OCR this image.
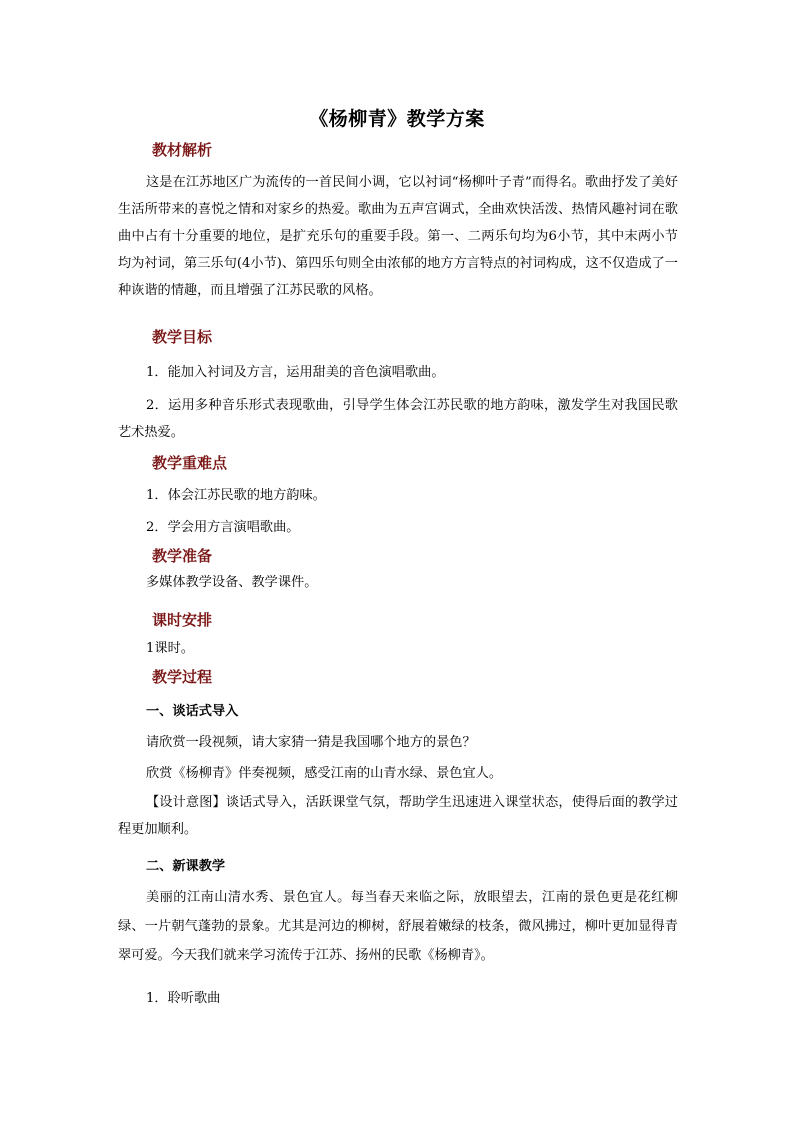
《杨柳青》教学方案
教材解析

这是在江苏地区广为流传的一首民间小调，它以衬词“杨柳叶子青”而得名。歌曲抒发了美好生活所带来的喜悦之情和对家乡的热爱。歌曲为五声宫调式，全曲欢快活泼、热情风趣衬词在歌曲中占有十分重要的地位，是扩充乐句的重要手段。第一、二两乐句均为6小节，其中末两小节均为衬词，第三乐句(4小节)、第四乐句则全由浓郁的地方方言特点的衬词构成，这不仅造成了一种诙谐的情趣，而且增强了江苏民歌的风格。

教学目标
1．能加入衬词及方言，运用甜美的音色演唱歌曲。

2．运用多种音乐形式表现歌曲，引导学生体会江苏民歌的地方韵味，激发学生对我国民歌艺术热爱。

教学重难点
1．体会江苏民歌的地方韵味。
2．学会用方言演唱歌曲。
教学准备
多媒体教学设备、教学课件。
课时安排
1课时。
教学过程
一、谈话式导入
请欣赏一段视频，请大家猜一猜是我国哪个地方的景色？
欣赏《杨柳青》伴奏视频，感受江南的山青水绿、景色宜人。

【设计意图】谈话式导入，活跃课堂气氛，帮助学生迅速进入课堂状态，使得后面的教学过程更加顺利。

二、新课教学

美丽的江南山清水秀、景色宜人。每当春天来临之际，放眼望去，江南的景色更是花红柳绿、一片朝气蓬勃的景象。尤其是河边的柳树，舒展着嫩绿的枝条，微风拂过，柳叶更加显得青翠可爱。今天我们就来学习流传于江苏、扬州的民歌《杨柳青》。

1．聆听歌曲
